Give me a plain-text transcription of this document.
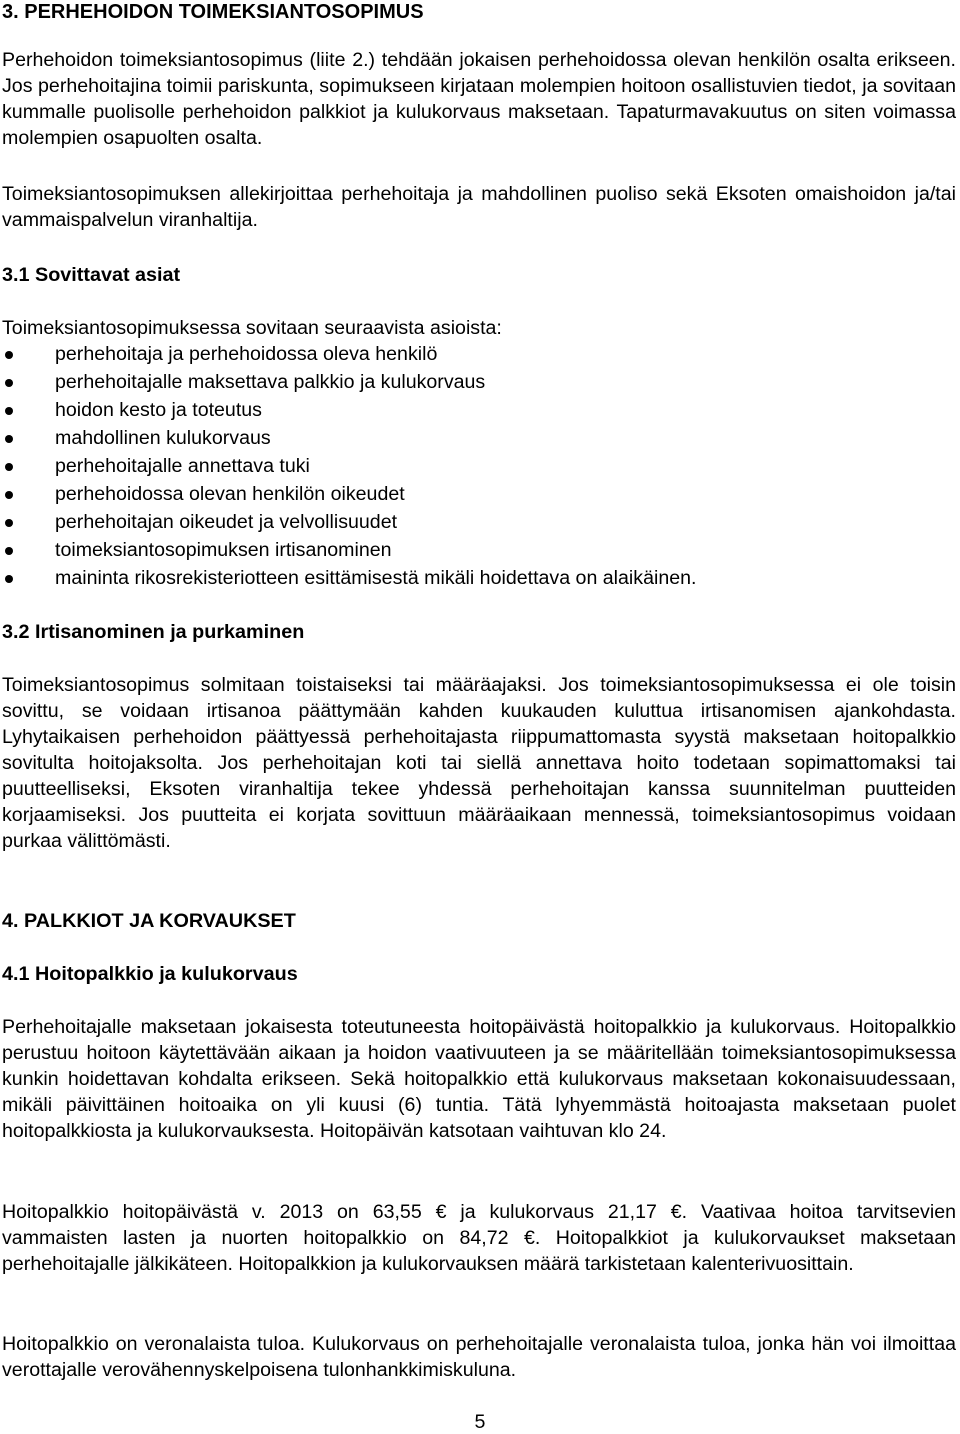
3. PERHEHOIDON TOIMEKSIANTOSOPIMUS

Perhehoidon toimeksiantosopimus (liite 2.) tehdään jokaisen perhehoidossa olevan henkilön osalta erikseen. Jos perhehoitajina toimii pariskunta, sopimukseen kirjataan molempien hoitoon osallistuvien tiedot, ja sovitaan kummalle puolisolle perhehoidon palkkiot ja kulukorvaus maksetaan. Tapaturmavakuutus on siten voimassa molempien osapuolten osalta.

Toimeksiantosopimuksen allekirjoittaa perhehoitaja ja mahdollinen puoliso sekä Eksoten omaishoidon ja/tai vammaispalvelun viranhaltija.

3.1 Sovittavat asiat

Toimeksiantosopimuksessa sovitaan seuraavista asioista:

perhehoitaja ja perhehoidossa oleva henkilö
perhehoitajalle maksettava palkkio ja kulukorvaus
hoidon kesto ja toteutus
mahdollinen kulukorvaus
perhehoitajalle annettava tuki
perhehoidossa olevan henkilön oikeudet
perhehoitajan oikeudet ja velvollisuudet
toimeksiantosopimuksen irtisanominen
maininta rikosrekisteriotteen esittämisestä mikäli hoidettava on alaikäinen.
3.2 Irtisanominen ja purkaminen

Toimeksiantosopimus solmitaan toistaiseksi tai määräajaksi. Jos toimeksiantosopimuksessa ei ole toisin sovittu, se voidaan irtisanoa päättymään kahden kuukauden kuluttua irtisanomisen ajankohdasta. Lyhytaikaisen perhehoidon päättyessä perhehoitajasta riippumattomasta syystä maksetaan hoitopalkkio sovitulta hoitojaksolta. Jos perhehoitajan koti tai siellä annettava hoito todetaan sopimattomaksi tai puutteelliseksi, Eksoten viranhaltija tekee yhdessä perhehoitajan kanssa suunnitelman puutteiden korjaamiseksi. Jos puutteita ei korjata sovittuun määräaikaan mennessä, toimeksiantosopimus voidaan purkaa välittömästi.

4. PALKKIOT JA KORVAUKSET
4.1 Hoitopalkkio ja kulukorvaus

Perhehoitajalle maksetaan jokaisesta toteutuneesta hoitopäivästä hoitopalkkio ja kulukorvaus. Hoitopalkkio perustuu hoitoon käytettävään aikaan ja hoidon vaativuuteen ja se määritellään toimeksiantosopimuksessa kunkin hoidettavan kohdalta erikseen. Sekä hoitopalkkio että kulukorvaus maksetaan kokonaisuudessaan, mikäli päivittäinen hoitoaika on yli kuusi (6) tuntia. Tätä lyhyemmästä hoitoajasta maksetaan puolet hoitopalkkiosta ja kulukorvauksesta. Hoitopäivän katsotaan vaihtuvan klo 24.

Hoitopalkkio hoitopäivästä v. 2013 on 63,55 € ja kulukorvaus 21,17 €. Vaativaa hoitoa tarvitsevien vammaisten lasten ja nuorten hoitopalkkio on 84,72 €. Hoitopalkkiot ja kulukorvaukset maksetaan perhehoitajalle jälkikäteen. Hoitopalkkion ja kulukorvauksen määrä tarkistetaan kalenterivuosittain.

Hoitopalkkio on veronalaista tuloa. Kulukorvaus on perhehoitajalle veronalaista tuloa, jonka hän voi ilmoittaa verottajalle verovähennyskelpoisena tulonhankkimiskuluna.

5
